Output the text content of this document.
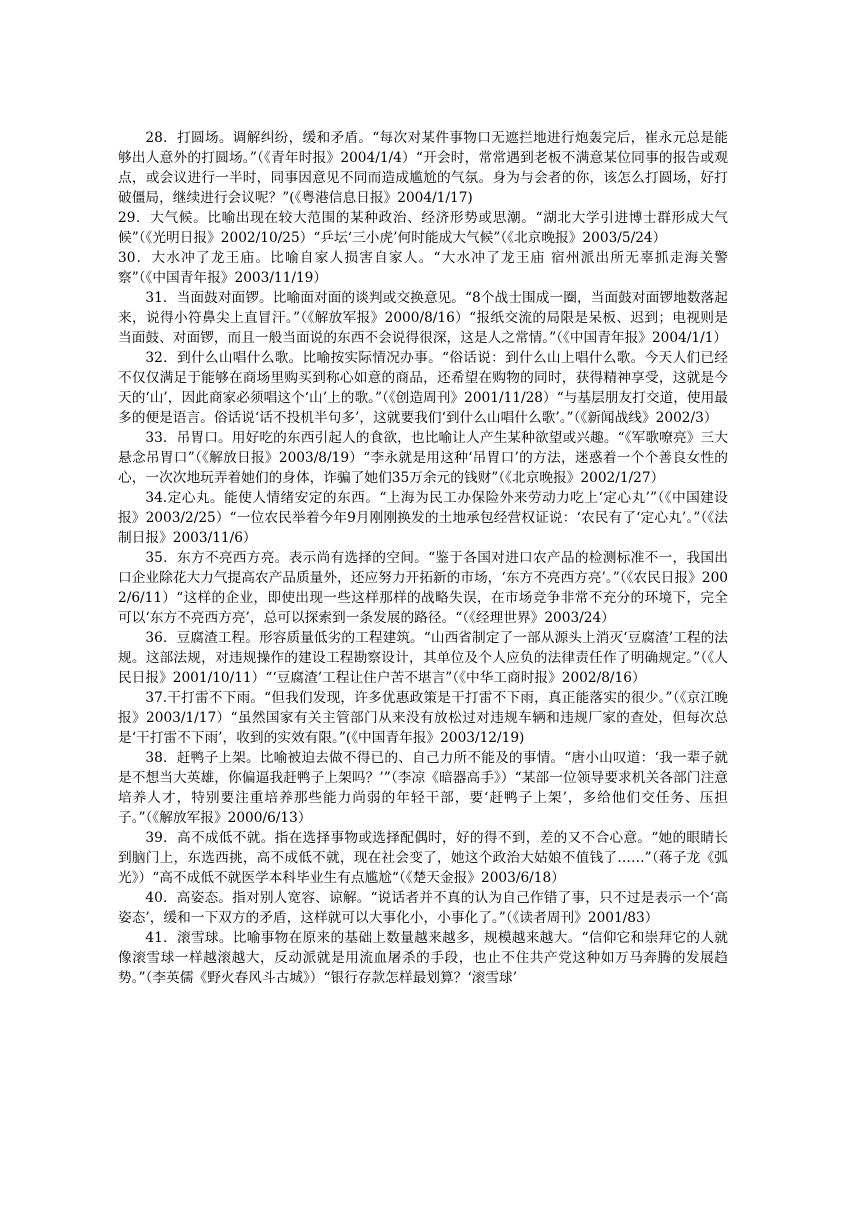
28．打圆场。调解纠纷，缓和矛盾。“每次对某件事物口无遮拦地进行炮轰完后，崔永元总是能够出人意外的打圆场。”（《青年时报》2004/1/4）“开会时，常常遇到老板不满意某位同事的报告或观点，或会议进行一半时，同事因意见不同而造成尴尬的气氛。身为与会者的你，该怎么打圆场，好打破僵局，继续进行会议呢？”(《粤港信息日报》2004/1/17)

29．大气候。比喻出现在较大范围的某种政治、经济形势或思潮。“湖北大学引进博士群形成大气候”（《光明日报》2002/10/25）“乒坛‘三小虎’何时能成大气候”（《北京晚报》2003/5/24）

30．大水冲了龙王庙。比喻自家人损害自家人。“大水冲了龙王庙 宿州派出所无辜抓走海关警察”（《中国青年报》2003/11/19）

31．当面鼓对面锣。比喻面对面的谈判或交换意见。“8个战士围成一圈，当面鼓对面锣地数落起来，说得小符鼻尖上直冒汗。”（《解放军报》2000/8/16）“报纸交流的局限是呆板、迟到；电视则是当面鼓、对面锣，而且一般当面说的东西不会说得很深，这是人之常情。”（《中国青年报》2004/1/1）

32．到什么山唱什么歌。比喻按实际情况办事。“俗话说：到什么山上唱什么歌。今天人们已经不仅仅满足于能够在商场里购买到称心如意的商品，还希望在购物的同时，获得精神享受，这就是今天的‘山’，因此商家必须唱这个‘山’上的歌。”（《创造周刊》2001/11/28）“与基层朋友打交道，使用最多的便是语言。俗话说‘话不投机半句多’，这就要我们‘到什么山唱什么歌’。”（《新闻战线》2002/3）

33．吊胃口。用好吃的东西引起人的食欲，也比喻让人产生某种欲望或兴趣。“《军歌嘹亮》三大悬念吊胃口”（《解放日报》2003/8/19）“李永就是用这种‘吊胃口’的方法，迷惑着一个个善良女性的心，一次次地玩弄着她们的身体，诈骗了她们35万余元的钱财”（《北京晚报》2002/1/27）

34.定心丸。能使人情绪安定的东西。“上海为民工办保险外来劳动力吃上‘定心丸’”（《中国建设报》2003/2/25）“一位农民举着今年9月刚刚换发的土地承包经营权证说：‘农民有了‘定心丸’。”（《法制日报》2003/11/6）

35．东方不亮西方亮。表示尚有选择的空间。“鉴于各国对进口农产品的检测标准不一，我国出口企业除花大力气提高农产品质量外，还应努力开拓新的市场，‘东方不亮西方亮’。”（《农民日报》2002/6/11）“这样的企业，即使出现一些这样那样的战略失误，在市场竞争非常不充分的环境下，完全可以‘东方不亮西方亮’，总可以探索到一条发展的路径。“（《经理世界》2003/24）

36．豆腐渣工程。形容质量低劣的工程建筑。“山西省制定了一部从源头上消灭‘豆腐渣’工程的法规。这部法规，对违规操作的建设工程勘察设计，其单位及个人应负的法律责任作了明确规定。”（《人民日报》2001/10/11）“‘豆腐渣’工程让住户苦不堪言”（《中华工商时报》2002/8/16）

37.干打雷不下雨。“但我们发现，许多优惠政策是干打雷不下雨，真正能落实的很少。”（《京江晚报》2003/1/17）“虽然国家有关主管部门从来没有放松过对违规车辆和违规厂家的查处，但每次总是‘干打雷不下雨’，收到的实效有限。”(《中国青年报》2003/12/19)

38．赶鸭子上架。比喻被迫去做不得已的、自己力所不能及的事情。“唐小山叹道：‘我一辈子就是不想当大英雄，你偏逼我赶鸭子上架吗？’”（李凉《暗器高手》）“某部一位领导要求机关各部门注意培养人才，特别要注重培养那些能力尚弱的年轻干部，要‘赶鸭子上架’，多给他们交任务、压担子。”（《解放军报》2000/6/13）

39．高不成低不就。指在选择事物或选择配偶时，好的得不到，差的又不合心意。“她的眼睛长到脑门上，东选西挑，高不成低不就，现在社会变了，她这个政治大姑娘不值钱了……”（蒋子龙《弧光》）“高不成低不就医学本科毕业生有点尴尬“（《楚天金报》2003/6/18）

40．高姿态。指对别人宽容、谅解。“说话者并不真的认为自己作错了事，只不过是表示一个‘高姿态’，缓和一下双方的矛盾，这样就可以大事化小，小事化了。”（《读者周刊》2001/83）

41．滚雪球。比喻事物在原来的基础上数量越来越多，规模越来越大。“信仰它和崇拜它的人就像滚雪球一样越滚越大，反动派就是用流血屠杀的手段，也止不住共产党这种如万马奔腾的发展趋势。”（李英儒《野火春风斗古城》）“银行存款怎样最划算？‘滚雪球’
